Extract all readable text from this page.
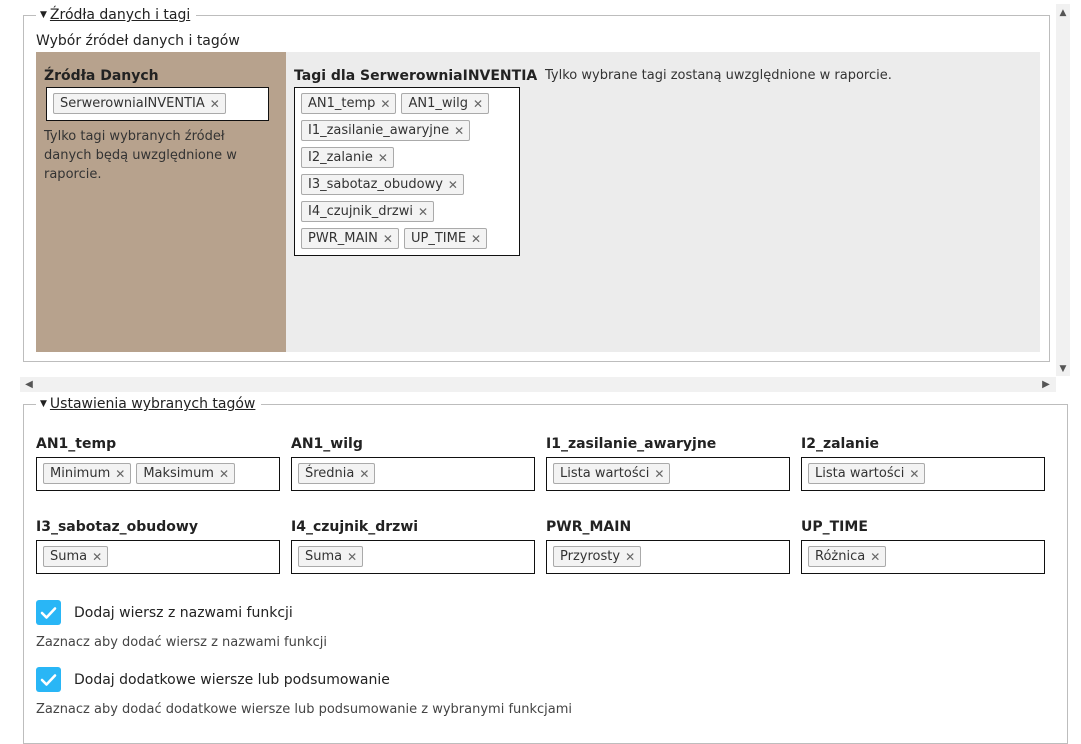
▼ Źródła danych i tagi
Wybór źródeł danych i tagów
Źródła Danych
SerwerowniaINVENTIA ✕
Tylko tagi wybranych źródeł danych będą uwzględnione w raporcie.
Tagi dla SerwerowniaINVENTIA
AN1_temp ✕ AN1_wilg ✕
I1_zasilanie_awaryjne ✕
I2_zalanie ✕
I3_sabotaz_obudowy ✕
I4_czujnik_drzwi ✕
PWR_MAIN ✕ UP_TIME ✕
Tylko wybrane tagi zostaną uwzględnione w raporcie.
▲
▼
◀	▶
▼ Ustawienia wybranych tagów
AN1_temp
Minimum ✕ Maksimum ✕
AN1_wilg
Średnia ✕
I1_zasilanie_awaryjne
Lista wartości ✕
I2_zalanie
Lista wartości ✕
I3_sabotaz_obudowy
Suma ✕
I4_czujnik_drzwi
Suma ✕
PWR_MAIN
Przyrosty ✕
UP_TIME
Różnica ✕
Dodaj wiersz z nazwami funkcji
Zaznacz aby dodać wiersz z nazwami funkcji
Dodaj dodatkowe wiersze lub podsumowanie
Zaznacz aby dodać dodatkowe wiersze lub podsumowanie z wybranymi funkcjami
